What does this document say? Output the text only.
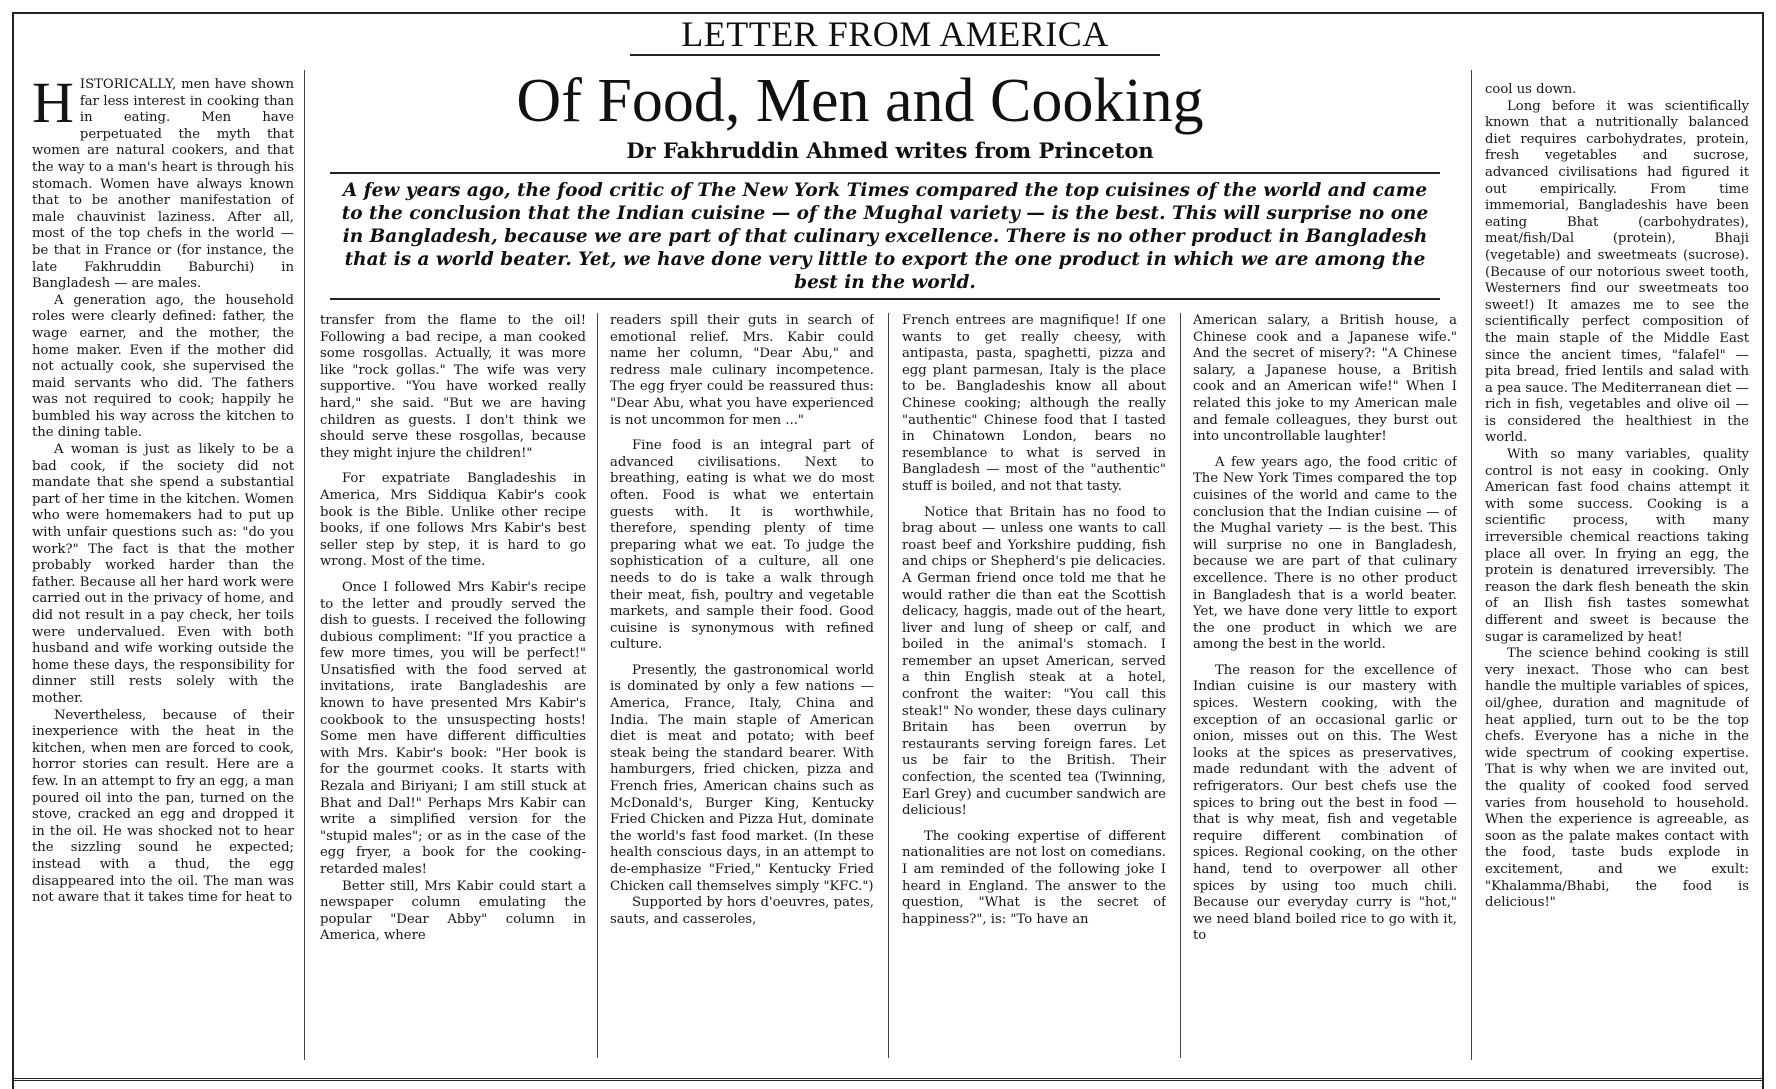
LETTER FROM AMERICA
Of Food, Men and Cooking
Dr Fakhruddin Ahmed writes from Princeton
A few years ago, the food critic of The New York Times compared the top cuisines of the world and came to the conclusion that the Indian cuisine — of the Mughal variety — is the best. This will surprise no one in Bangladesh, because we are part of that culinary excellence. There is no other product in Bangladesh that is a world beater. Yet, we have done very little to export the one product in which we are among the best in the world.

HISTORICALLY, men have shown far less interest in cooking than in eating. Men have perpetuated the myth that women are natural cookers, and that the way to a man's heart is through his stomach. Women have always known that to be another manifestation of male chauvinist laziness. After all, most of the top chefs in the world — be that in France or (for instance, the late Fakhruddin Baburchi) in Bangladesh — are males.

A generation ago, the household roles were clearly defined: father, the wage earner, and the mother, the home maker. Even if the mother did not actually cook, she supervised the maid servants who did. The fathers was not required to cook; happily he bumbled his way across the kitchen to the dining table.

A woman is just as likely to be a bad cook, if the society did not mandate that she spend a substantial part of her time in the kitchen. Women who were homemakers had to put up with unfair questions such as: "do you work?" The fact is that the mother probably worked harder than the father. Because all her hard work were carried out in the privacy of home, and did not result in a pay check, her toils were undervalued. Even with both husband and wife working outside the home these days, the responsibility for dinner still rests solely with the mother.

Nevertheless, because of their inexperience with the heat in the kitchen, when men are forced to cook, horror stories can result. Here are a few. In an attempt to fry an egg, a man poured oil into the pan, turned on the stove, cracked an egg and dropped it in the oil. He was shocked not to hear the sizzling sound he expected; instead with a thud, the egg disappeared into the oil. The man was not aware that it takes time for heat to

transfer from the flame to the oil! Following a bad recipe, a man cooked some rosgollas. Actually, it was more like "rock gollas." The wife was very supportive. "You have worked really hard," she said. "But we are having children as guests. I don't think we should serve these rosgollas, because they might injure the children!"

For expatriate Bangladeshis in America, Mrs Siddiqua Kabir's cook book is the Bible. Unlike other recipe books, if one follows Mrs Kabir's best seller step by step, it is hard to go wrong. Most of the time.

Once I followed Mrs Kabir's recipe to the letter and proudly served the dish to guests. I received the following dubious compliment: "If you practice a few more times, you will be perfect!" Unsatisfied with the food served at invitations, irate Bangladeshis are known to have presented Mrs Kabir's cookbook to the unsuspecting hosts! Some men have different difficulties with Mrs. Kabir's book: "Her book is for the gourmet cooks. It starts with Rezala and Biriyani; I am still stuck at Bhat and Dal!" Perhaps Mrs Kabir can write a simplified version for the "stupid males"; or as in the case of the egg fryer, a book for the cooking-retarded males!

Better still, Mrs Kabir could start a newspaper column emulating the popular "Dear Abby" column in America, where

readers spill their guts in search of emotional relief. Mrs. Kabir could name her column, "Dear Abu," and redress male culinary incompetence. The egg fryer could be reassured thus: "Dear Abu, what you have experienced is not uncommon for men ..."

Fine food is an integral part of advanced civilisations. Next to breathing, eating is what we do most often. Food is what we entertain guests with. It is worthwhile, therefore, spending plenty of time preparing what we eat. To judge the sophistication of a culture, all one needs to do is take a walk through their meat, fish, poultry and vegetable markets, and sample their food. Good cuisine is synonymous with refined culture.

Presently, the gastronomical world is dominated by only a few nations — America, France, Italy, China and India. The main staple of American diet is meat and potato; with beef steak being the standard bearer. With hamburgers, fried chicken, pizza and French fries, American chains such as McDonald's, Burger King, Kentucky Fried Chicken and Pizza Hut, dominate the world's fast food market. (In these health conscious days, in an attempt to de-emphasize "Fried," Kentucky Fried Chicken call themselves simply "KFC.")

Supported by hors d'oeuvres, pates, sauts, and casseroles,

French entrees are magnifique! If one wants to get really cheesy, with antipasta, pasta, spaghetti, pizza and egg plant parmesan, Italy is the place to be. Bangladeshis know all about Chinese cooking; although the really "authentic" Chinese food that I tasted in Chinatown London, bears no resemblance to what is served in Bangladesh — most of the "authentic" stuff is boiled, and not that tasty.

Notice that Britain has no food to brag about — unless one wants to call roast beef and Yorkshire pudding, fish and chips or Shepherd's pie delicacies. A German friend once told me that he would rather die than eat the Scottish delicacy, haggis, made out of the heart, liver and lung of sheep or calf, and boiled in the animal's stomach. I remember an upset American, served a thin English steak at a hotel, confront the waiter: "You call this steak!" No wonder, these days culinary Britain has been overrun by restaurants serving foreign fares. Let us be fair to the British. Their confection, the scented tea (Twinning, Earl Grey) and cucumber sandwich are delicious!

The cooking expertise of different nationalities are not lost on comedians. I am reminded of the following joke I heard in England. The answer to the question, "What is the secret of happiness?", is: "To have an

American salary, a British house, a Chinese cook and a Japanese wife." And the secret of misery?: "A Chinese salary, a Japanese house, a British cook and an American wife!" When I related this joke to my American male and female colleagues, they burst out into uncontrollable laughter!

A few years ago, the food critic of The New York Times compared the top cuisines of the world and came to the conclusion that the Indian cuisine — of the Mughal variety — is the best. This will surprise no one in Bangladesh, because we are part of that culinary excellence. There is no other product in Bangladesh that is a world beater. Yet, we have done very little to export the one product in which we are among the best in the world.

The reason for the excellence of Indian cuisine is our mastery with spices. Western cooking, with the exception of an occasional garlic or onion, misses out on this. The West looks at the spices as preservatives, made redundant with the advent of refrigerators. Our best chefs use the spices to bring out the best in food — that is why meat, fish and vegetable require different combination of spices. Regional cooking, on the other hand, tend to overpower all other spices by using too much chili. Because our everyday curry is "hot," we need bland boiled rice to go with it, to

cool us down.

Long before it was scientifically known that a nutritionally balanced diet requires carbohydrates, protein, fresh vegetables and sucrose, advanced civilisations had figured it out empirically. From time immemorial, Bangladeshis have been eating Bhat (carbohydrates), meat/fish/Dal (protein), Bhaji (vegetable) and sweetmeats (sucrose). (Because of our notorious sweet tooth, Westerners find our sweetmeats too sweet!) It amazes me to see the scientifically perfect composition of the main staple of the Middle East since the ancient times, "falafel" — pita bread, fried lentils and salad with a pea sauce. The Mediterranean diet — rich in fish, vegetables and olive oil — is considered the healthiest in the world.

With so many variables, quality control is not easy in cooking. Only American fast food chains attempt it with some success. Cooking is a scientific process, with many irreversible chemical reactions taking place all over. In frying an egg, the protein is denatured irreversibly. The reason the dark flesh beneath the skin of an Ilish fish tastes somewhat different and sweet is because the sugar is caramelized by heat!

The science behind cooking is still very inexact. Those who can best handle the multiple variables of spices, oil/ghee, duration and magnitude of heat applied, turn out to be the top chefs. Everyone has a niche in the wide spectrum of cooking expertise. That is why when we are invited out, the quality of cooked food served varies from household to household. When the experience is agreeable, as soon as the palate makes contact with the food, taste buds explode in excitement, and we exult: "Khalamma/Bhabi, the food is delicious!"
